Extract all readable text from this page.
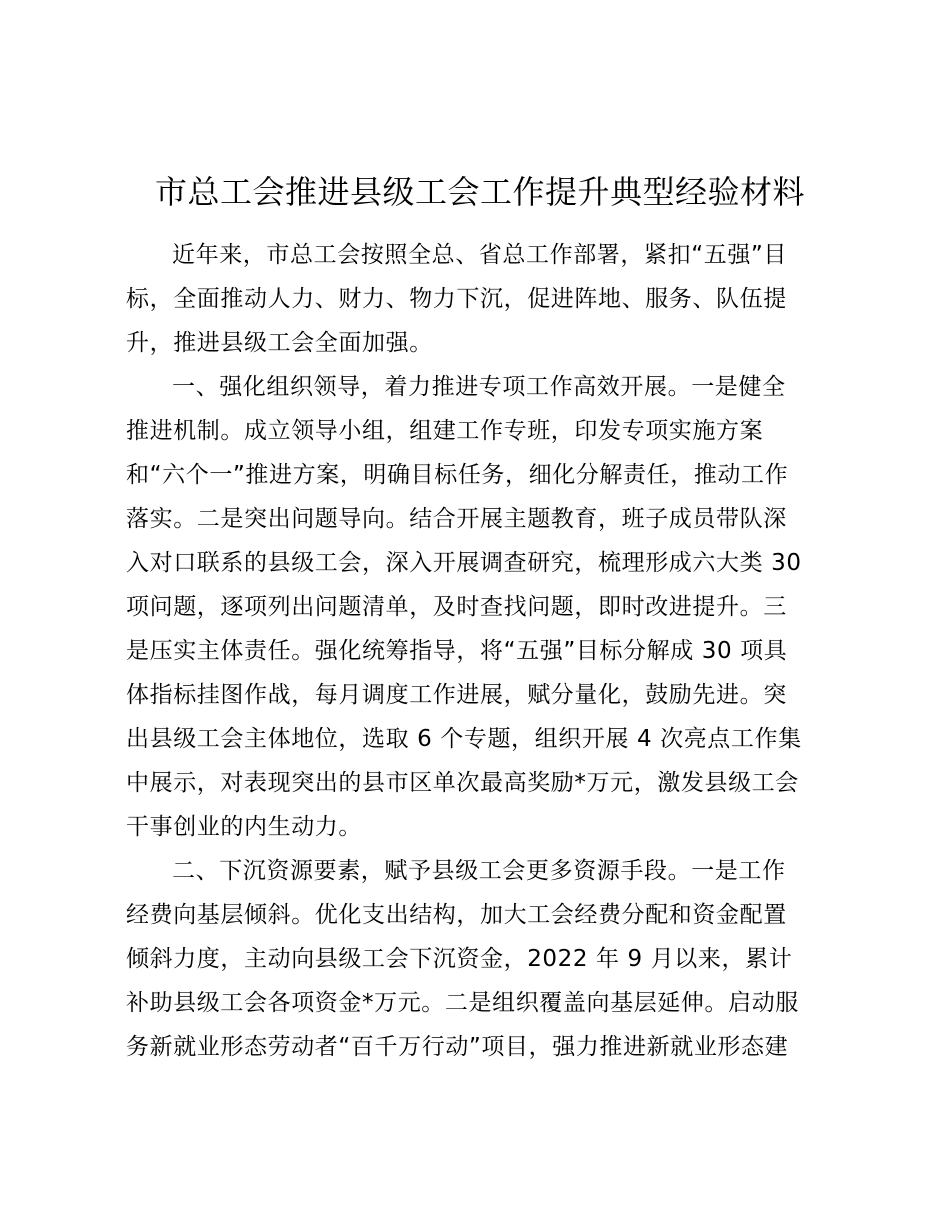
市总工会推进县级工会工作提升典型经验材料
近年来，市总工会按照全总、省总工作部署，紧扣“五强”目
标，全面推动人力、财力、物力下沉，促进阵地、服务、队伍提
升，推进县级工会全面加强。
一、强化组织领导，着力推进专项工作高效开展。一是健全
推进机制。成立领导小组，组建工作专班，印发专项实施方案
和“六个一”推进方案，明确目标任务，细化分解责任，推动工作
落实。二是突出问题导向。结合开展主题教育，班子成员带队深
入对口联系的县级工会，深入开展调查研究，梳理形成六大类 30
项问题，逐项列出问题清单，及时查找问题，即时改进提升。三
是压实主体责任。强化统筹指导，将“五强”目标分解成 30 项具
体指标挂图作战，每月调度工作进展，赋分量化，鼓励先进。突
出县级工会主体地位，选取 6 个专题，组织开展 4 次亮点工作集
中展示，对表现突出的县市区单次最高奖励*万元，激发县级工会
干事创业的内生动力。
二、下沉资源要素，赋予县级工会更多资源手段。一是工作
经费向基层倾斜。优化支出结构，加大工会经费分配和资金配置
倾斜力度，主动向县级工会下沉资金，2022 年 9 月以来，累计
补助县级工会各项资金*万元。二是组织覆盖向基层延伸。启动服
务新就业形态劳动者“百千万行动”项目，强力推进新就业形态建
